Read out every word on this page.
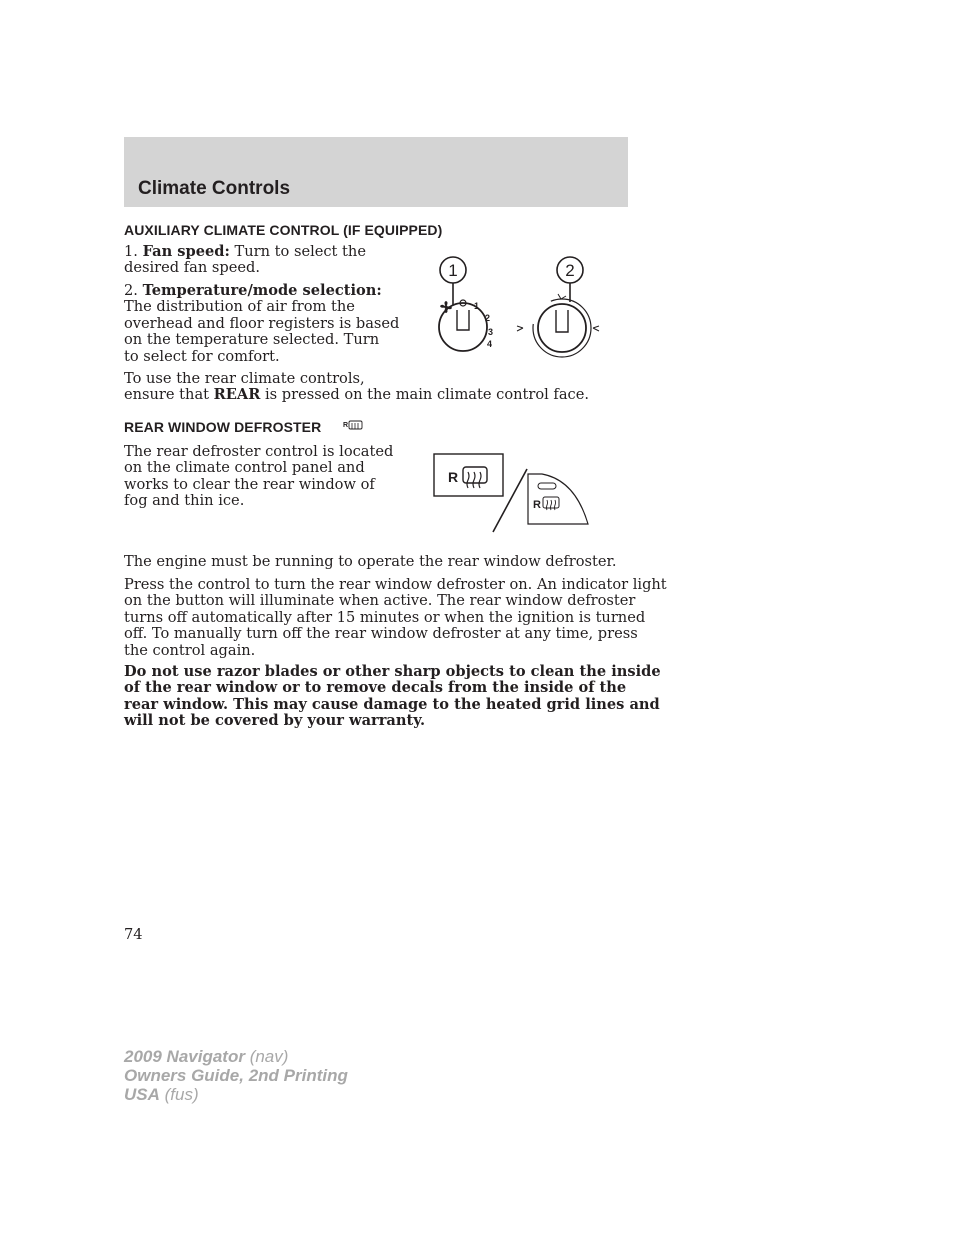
Climate Controls
AUXILIARY CLIMATE CONTROL (IF EQUIPPED)
1. Fan speed: Turn to select the
desired fan speed.
2. Temperature/mode selection:
The distribution of air from the
overhead and floor registers is based
on the temperature selected. Turn
to select for comfort.
To use the rear climate controls,
ensure that REAR is pressed on the main climate control face.
1	2
1
2
3
4
REAR WINDOW DEFROSTER	R
The rear defroster control is located
on the climate control panel and
works to clear the rear window of
fog and thin ice.
R
R
The engine must be running to operate the rear window defroster.
Press the control to turn the rear window defroster on. An indicator light
on the button will illuminate when active. The rear window defroster
turns off automatically after 15 minutes or when the ignition is turned
off. To manually turn off the rear window defroster at any time, press
the control again.
Do not use razor blades or other sharp objects to clean the inside
of the rear window or to remove decals from the inside of the
rear window. This may cause damage to the heated grid lines and
will not be covered by your warranty.
74
2009 Navigator (nav)
Owners Guide, 2nd Printing
USA (fus)
